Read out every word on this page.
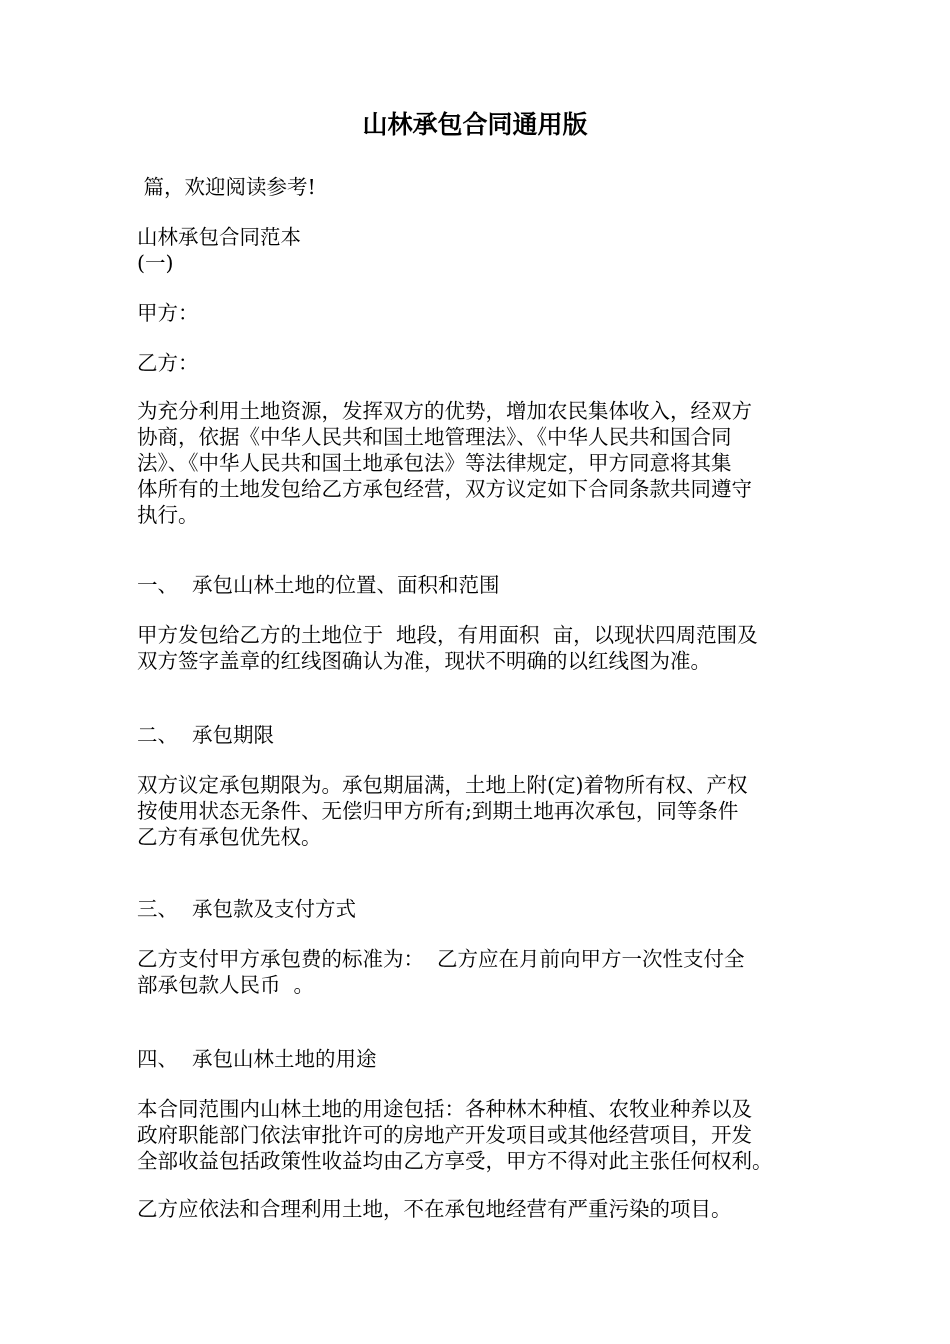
山林承包合同通用版
篇，欢迎阅读参考!
山林承包合同范本
(一)
甲方：
乙方：
为充分利用土地资源，发挥双方的优势，增加农民集体收入，经双方
协商，依据《中华人民共和国土地管理法》、《中华人民共和国合同
法》、《中华人民共和国土地承包法》等法律规定，甲方同意将其集
体所有的土地发包给乙方承包经营，双方议定如下合同条款共同遵守
执行。
一、 承包山林土地的位置、面积和范围
甲方发包给乙方的土地位于  地段，有用面积  亩，以现状四周范围及
双方签字盖章的红线图确认为准，现状不明确的以红线图为准。
二、 承包期限
双方议定承包期限为。承包期届满，土地上附(定)着物所有权、产权
按使用状态无条件、无偿归甲方所有;到期土地再次承包，同等条件
乙方有承包优先权。
三、 承包款及支付方式
乙方支付甲方承包费的标准为：  乙方应在月前向甲方一次性支付全
部承包款人民币  。
四、 承包山林土地的用途
本合同范围内山林土地的用途包括：各种林木种植、农牧业种养以及
政府职能部门依法审批许可的房地产开发项目或其他经营项目，开发
全部收益包括政策性收益均由乙方享受，甲方不得对此主张任何权利。
乙方应依法和合理利用土地，不在承包地经营有严重污染的项目。
